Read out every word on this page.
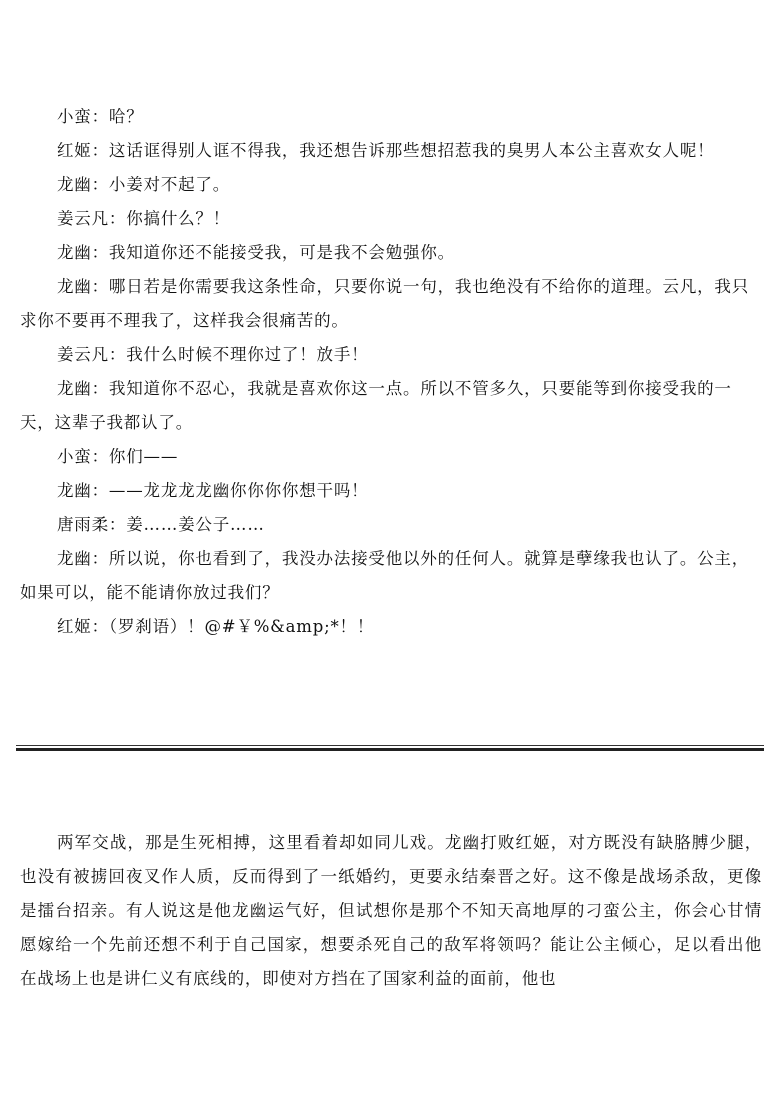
小蛮：哈？

红姬：这话诓得别人诓不得我，我还想告诉那些想招惹我的臭男人本公主喜欢女人呢！

龙幽：小姜对不起了。

姜云凡：你搞什么？！

龙幽：我知道你还不能接受我，可是我不会勉强你。

龙幽：哪日若是你需要我这条性命，只要你说一句，我也绝没有不给你的道理。云凡，我只求你不要再不理我了，这样我会很痛苦的。

姜云凡：我什么时候不理你过了！放手！

龙幽：我知道你不忍心，我就是喜欢你这一点。所以不管多久，只要能等到你接受我的一天，这辈子我都认了。

小蛮：你们——

龙幽：——龙龙龙龙幽你你你你想干吗！

唐雨柔：姜……姜公子……

龙幽：所以说，你也看到了，我没办法接受他以外的任何人。就算是孽缘我也认了。公主，如果可以，能不能请你放过我们？

红姬：（罗刹语）！@#￥%&amp;*！！

两军交战，那是生死相搏，这里看着却如同儿戏。龙幽打败红姬，对方既没有缺胳膊少腿，也没有被掳回夜叉作人质，反而得到了一纸婚约，更要永结秦晋之好。这不像是战场杀敌，更像是擂台招亲。有人说这是他龙幽运气好，但试想你是那个不知天高地厚的刁蛮公主，你会心甘情愿嫁给一个先前还想不利于自己国家，想要杀死自己的敌军将领吗？能让公主倾心，足以看出他在战场上也是讲仁义有底线的，即使对方挡在了国家利益的面前，他也
